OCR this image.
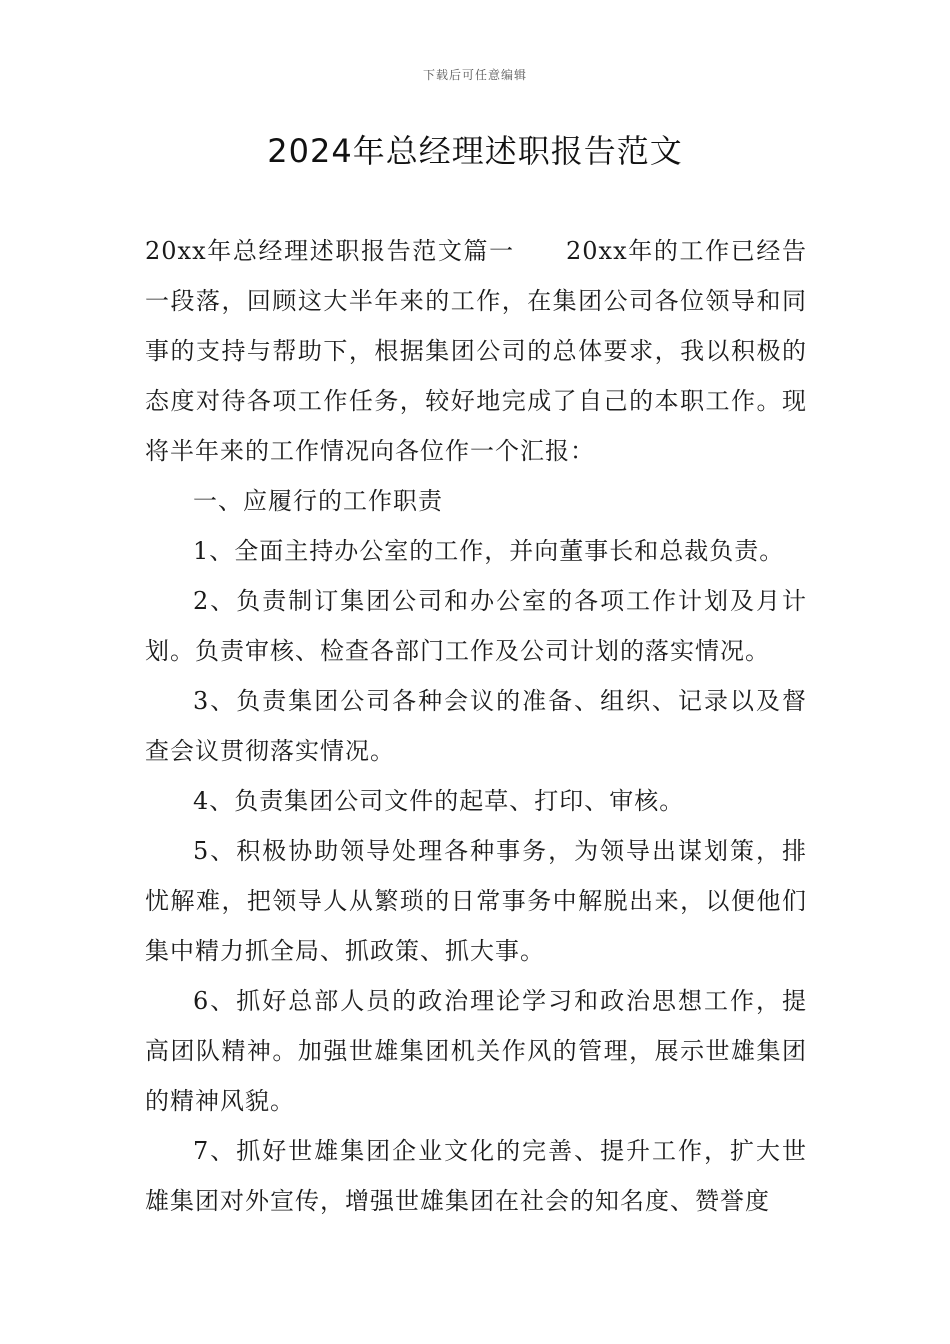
下载后可任意编辑
2024年总经理述职报告范文

20xx年总经理述职报告范文篇一　　20xx年的工作已经告一段落，回顾这大半年来的工作，在集团公司各位领导和同事的支持与帮助下，根据集团公司的总体要求，我以积极的态度对待各项工作任务，较好地完成了自己的本职工作。现将半年来的工作情况向各位作一个汇报：

一、应履行的工作职责

1、全面主持办公室的工作，并向董事长和总裁负责。

2、负责制订集团公司和办公室的各项工作计划及月计划。负责审核、检查各部门工作及公司计划的落实情况。

3、负责集团公司各种会议的准备、组织、记录以及督查会议贯彻落实情况。

4、负责集团公司文件的起草、打印、审核。

5、积极协助领导处理各种事务，为领导出谋划策，排忧解难，把领导人从繁琐的日常事务中解脱出来，以便他们集中精力抓全局、抓政策、抓大事。

6、抓好总部人员的政治理论学习和政治思想工作，提高团队精神。加强世雄集团机关作风的管理，展示世雄集团的精神风貌。

7、抓好世雄集团企业文化的完善、提升工作，扩大世雄集团对外宣传，增强世雄集团在社会的知名度、赞誉度
